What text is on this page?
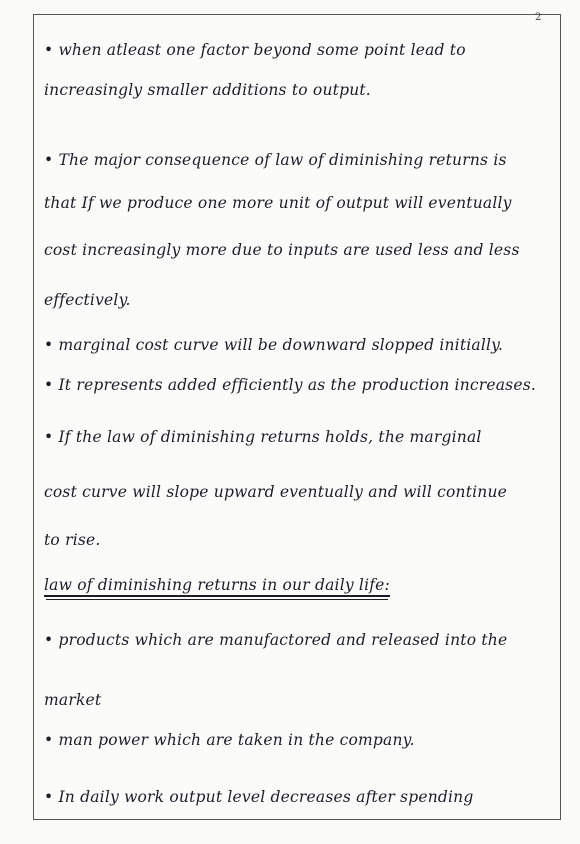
2
• when atleast one factor beyond some point lead to
increasingly smaller additions to output.
• The major consequence of law of diminishing returns is
that If we produce one more unit of output will eventually
cost increasingly more due to inputs are used less and less
effectively.
• marginal cost curve will be downward slopped initially.
• It represents added efficiently as the production increases.
• If the law of diminishing returns holds, the marginal
cost curve will slope upward eventually and will continue
to rise.
law of diminishing returns in our daily life:
• products which are manufactored and released into the
market
• man power which are taken in the company.
• In daily work output level decreases after spending
